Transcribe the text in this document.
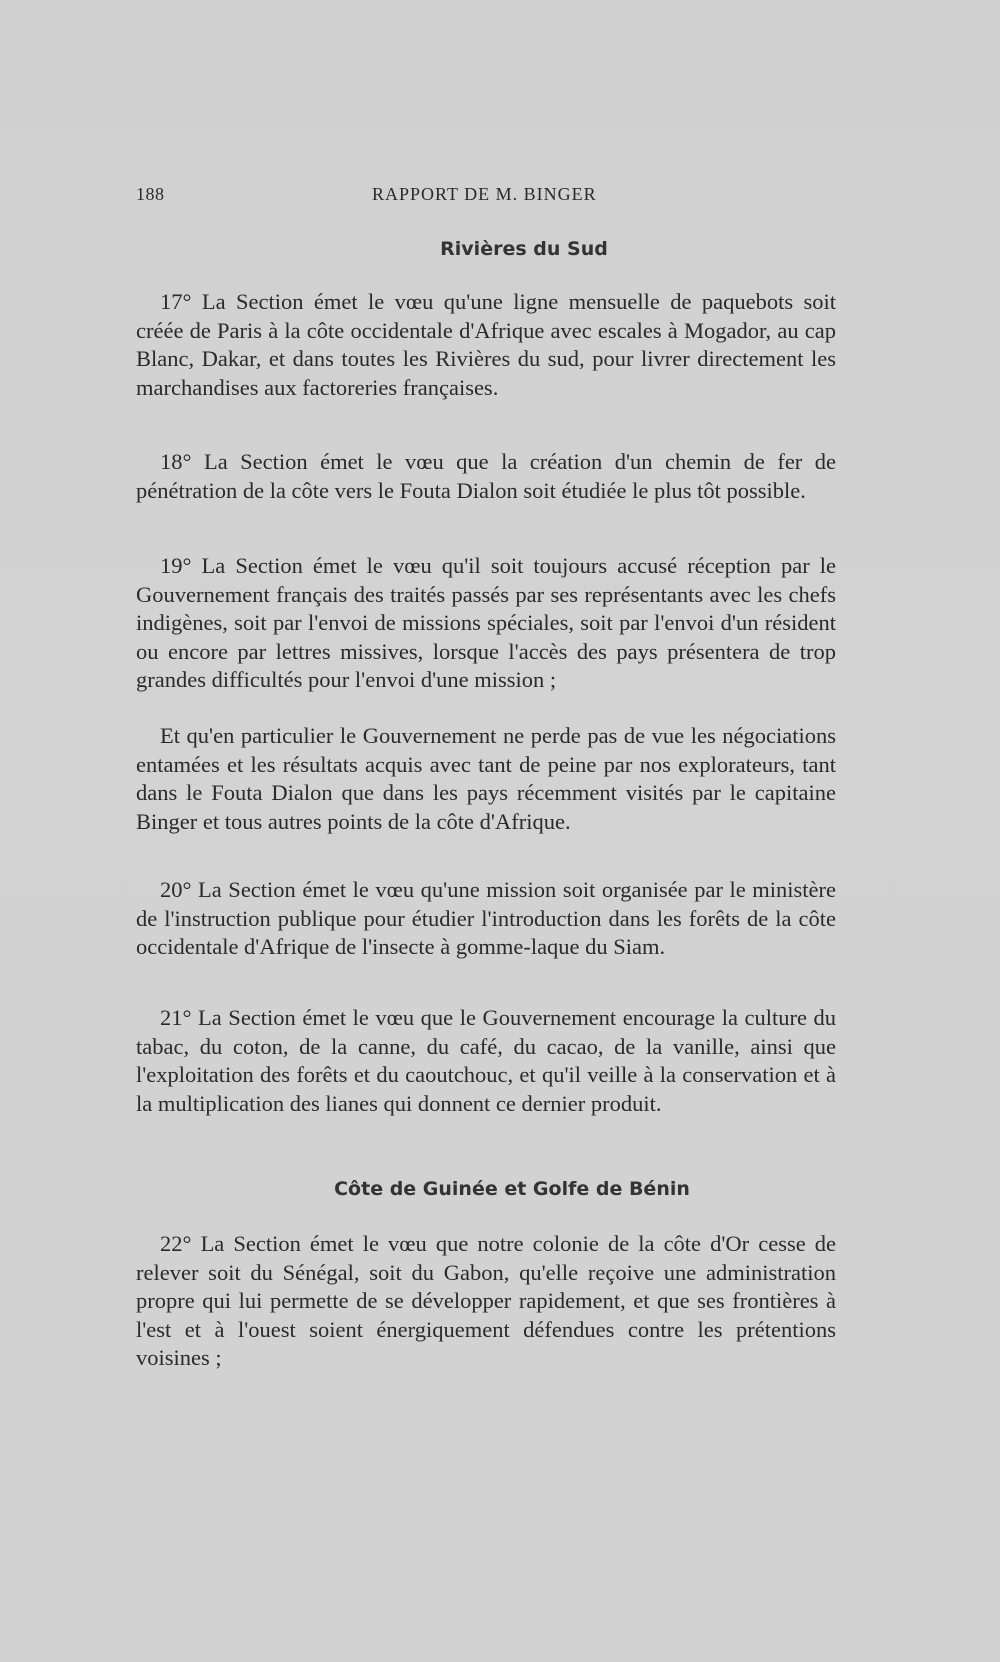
188	RAPPORT DE M. BINGER
Rivières du Sud

17° La Section émet le vœu qu'une ligne mensuelle de paquebots soit créée de Paris à la côte occidentale d'Afrique avec escales à Mogador, au cap Blanc, Dakar, et dans toutes les Rivières du sud, pour livrer directement les marchandises aux factoreries françaises.

18° La Section émet le vœu que la création d'un chemin de fer de pénétration de la côte vers le Fouta Dialon soit étudiée le plus tôt possible.

19° La Section émet le vœu qu'il soit toujours accusé réception par le Gouvernement français des traités passés par ses représentants avec les chefs indigènes, soit par l'envoi de missions spéciales, soit par l'envoi d'un résident ou encore par lettres missives, lorsque l'accès des pays présentera de trop grandes difficultés pour l'envoi d'une mission ;

Et qu'en particulier le Gouvernement ne perde pas de vue les négociations entamées et les résultats acquis avec tant de peine par nos explorateurs, tant dans le Fouta Dialon que dans les pays récemment visités par le capitaine Binger et tous autres points de la côte d'Afrique.

20° La Section émet le vœu qu'une mission soit organisée par le ministère de l'instruction publique pour étudier l'introduction dans les forêts de la côte occidentale d'Afrique de l'insecte à gomme-laque du Siam.

21° La Section émet le vœu que le Gouvernement encourage la culture du tabac, du coton, de la canne, du café, du cacao, de la vanille, ainsi que l'exploitation des forêts et du caoutchouc, et qu'il veille à la conservation et à la multiplication des lianes qui donnent ce dernier produit.

Côte de Guinée et Golfe de Bénin

22° La Section émet le vœu que notre colonie de la côte d'Or cesse de relever soit du Sénégal, soit du Gabon, qu'elle reçoive une administration propre qui lui permette de se développer rapidement, et que ses frontières à l'est et à l'ouest soient énergiquement défendues contre les prétentions voisines ;
